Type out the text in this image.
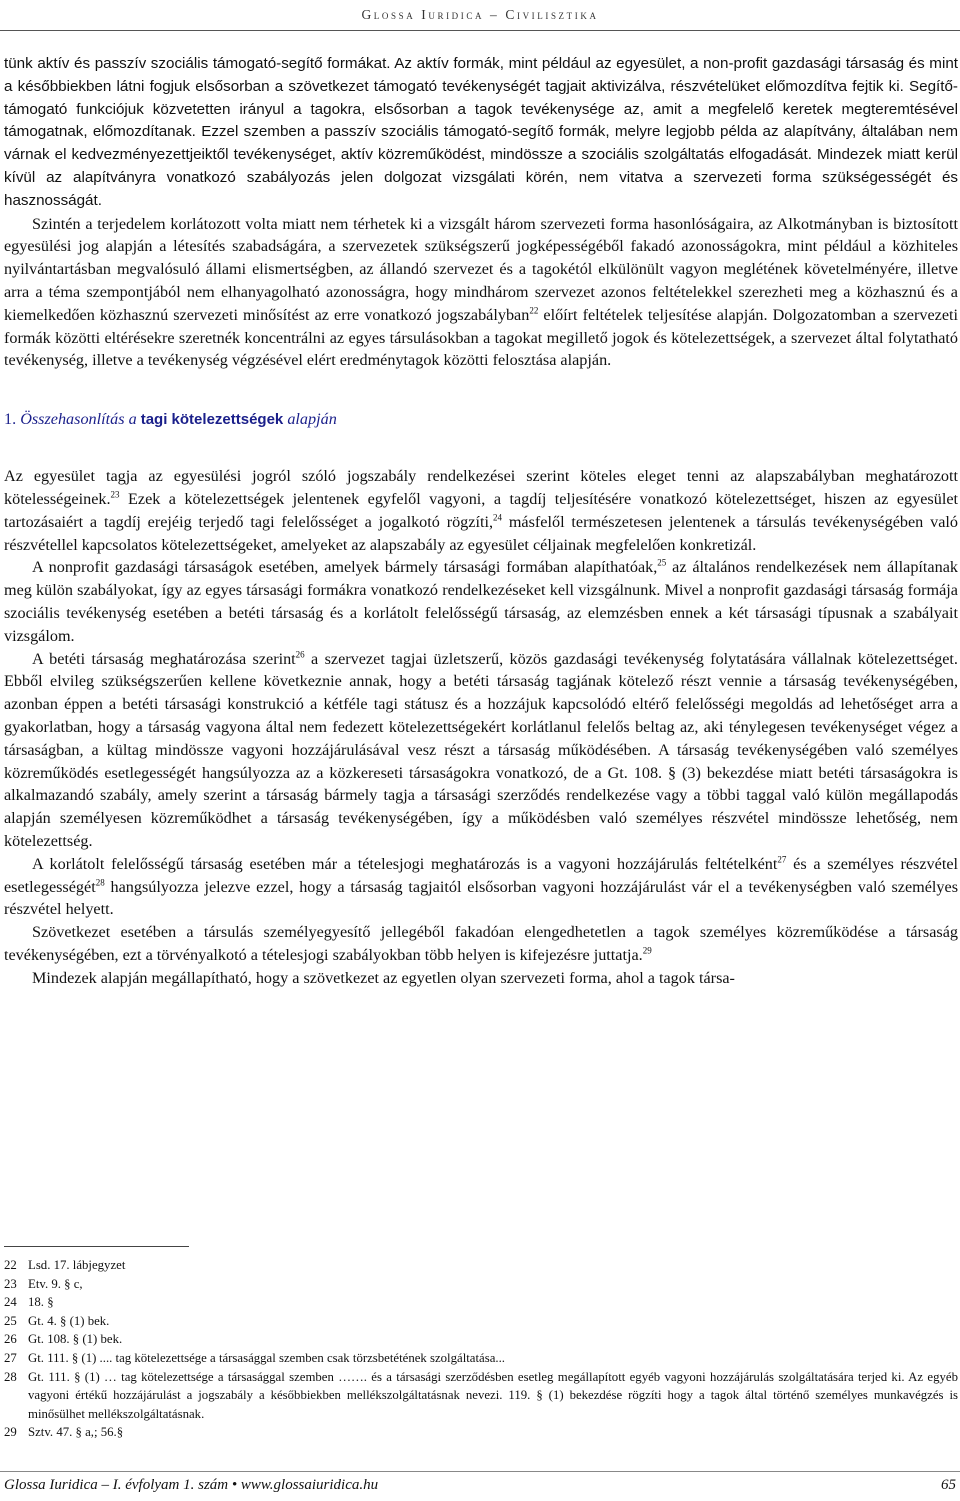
Glossa Iuridica – Civilisztika

tünk aktív és passzív szociális támogató-segítő formákat. Az aktív formák, mint például az egyesület, a non-profit gazdasági társaság és mint a későbbiekben látni fogjuk elsősorban a szövetkezet támogató tevékenységét tagjait aktivizálva, részvételüket előmozdítva fejtik ki. Segítő-támogató funkciójuk közvetetten irányul a tagokra, elsősorban a tagok tevékenysége az, amit a megfelelő keretek megteremtésével támogatnak, előmozdítanak. Ezzel szemben a passzív szociális támogató-segítő formák, melyre legjobb példa az alapítvány, általában nem várnak el kedvezményezettjeiktől tevékenységet, aktív közreműködést, mindössze a szociális szolgáltatás elfogadását. Mindezek miatt kerül kívül az alapítványra vonatkozó szabályozás jelen dolgozat vizsgálati körén, nem vitatva a szervezeti forma szükségességét és hasznosságát.

Szintén a terjedelem korlátozott volta miatt nem térhetek ki a vizsgált három szervezeti forma hasonlóságaira, az Alkotmányban is biztosított egyesülési jog alapján a létesítés szabadságára, a szervezetek szükségszerű jogképességéből fakadó azonosságokra, mint például a közhiteles nyilvántartásban megvalósuló állami elismertségben, az állandó szervezet és a tagokétól elkülönült vagyon meglétének követelményére, illetve arra a téma szempontjából nem elhanyagolható azonosságra, hogy mindhárom szervezet azonos feltételekkel szerezheti meg a közhasznú és a kiemelkedően közhasznú szervezeti minősítést az erre vonatkozó jogszabályban$^{22}$ előírt feltételek teljesítése alapján. Dolgozatomban a szervezeti formák közötti eltérésekre szeretnék koncentrálni az egyes társulásokban a tagokat megillető jogok és kötelezettségek, a szervezet által folytatható tevékenység, illetve a tevékenység végzésével elért eredménytagok közötti felosztása alapján.

1. Összehasonlítás a tagi kötelezettségek alapján

Az egyesület tagja az egyesülési jogról szóló jogszabály rendelkezései szerint köteles eleget tenni az alapszabályban meghatározott kötelességeinek.$^{23}$ Ezek a kötelezettségek jelentenek egyfelől vagyoni, a tagdíj teljesítésére vonatkozó kötelezettséget, hiszen az egyesület tartozásaiért a tagdíj erejéig terjedő tagi felelősséget a jogalkotó rögzíti,$^{24}$ másfelől természetesen jelentenek a társulás tevékenységében való részvétellel kapcsolatos kötelezettségeket, amelyeket az alapszabály az egyesület céljainak megfelelően konkretizál.

A nonprofit gazdasági társaságok esetében, amelyek bármely társasági formában alapíthatóak,$^{25}$ az általános rendelkezések nem állapítanak meg külön szabályokat, így az egyes társasági formákra vonatkozó rendelkezéseket kell vizsgálnunk. Mivel a nonprofit gazdasági társaság formája szociális tevékenység esetében a betéti társaság és a korlátolt felelősségű társaság, az elemzésben ennek a két társasági típusnak a szabályait vizsgálom.

A betéti társaság meghatározása szerint$^{26}$ a szervezet tagjai üzletszerű, közös gazdasági tevékenység folytatására vállalnak kötelezettséget. Ebből elvileg szükségszerűen kellene következnie annak, hogy a betéti társaság tagjának kötelező részt vennie a társaság tevékenységében, azonban éppen a betéti társasági konstrukció a kétféle tagi státusz és a hozzájuk kapcsolódó eltérő felelősségi megoldás ad lehetőséget arra a gyakorlatban, hogy a társaság vagyona által nem fedezett kötelezettségekért korlátlanul felelős beltag az, aki ténylegesen tevékenységet végez a társaságban, a kültag mindössze vagyoni hozzájárulásával vesz részt a társaság működésében. A társaság tevékenységében való személyes közreműködés esetlegességét hangsúlyozza az a közkereseti társaságokra vonatkozó, de a Gt. 108. § (3) bekezdése miatt betéti társaságokra is alkalmazandó szabály, amely szerint a társaság bármely tagja a társasági szerződés rendelkezése vagy a többi taggal való külön megállapodás alapján személyesen közreműködhet a társaság tevékenységében, így a működésben való személyes részvétel mindössze lehetőség, nem kötelezettség.

A korlátolt felelősségű társaság esetében már a tételesjogi meghatározás is a vagyoni hozzájárulás feltételként$^{27}$ és a személyes részvétel esetlegességét$^{28}$ hangsúlyozza jelezve ezzel, hogy a társaság tagjaitól elsősorban vagyoni hozzájárulást vár el a tevékenységben való személyes részvétel helyett.

Szövetkezet esetében a társulás személyegyesítő jellegéből fakadóan elengedhetetlen a tagok személyes közreműködése a társaság tevékenységében, ezt a törvényalkotó a tételesjogi szabályokban több helyen is kifejezésre juttatja.$^{29}$

Mindezek alapján megállapítható, hogy a szövetkezet az egyetlen olyan szervezeti forma, ahol a tagok társa-

22 Lsd. 17. lábjegyzet
23 Etv. 9. § c,
24 18. §
25 Gt. 4. § (1) bek.
26 Gt. 108. § (1) bek.
27 Gt. 111. § (1) .... tag kötelezettsége a társasággal szemben csak törzsbetétének szolgáltatása...
28 Gt. 111. § (1) … tag kötelezettsége a társasággal szemben ……. és a társasági szerződésben esetleg megállapított egyéb vagyoni hozzájárulás szolgáltatására terjed ki. Az egyéb vagyoni értékű hozzájárulást a jogszabály a későbbiekben mellékszolgáltatásnak nevezi. 119. § (1) bekezdése rögzíti hogy a tagok által történő személyes munkavégzés is minősülhet mellékszolgáltatásnak.
29 Sztv. 47. § a,; 56.§
Glossa Iuridica – I. évfolyam 1. szám • www.glossaiuridica.hu	65
